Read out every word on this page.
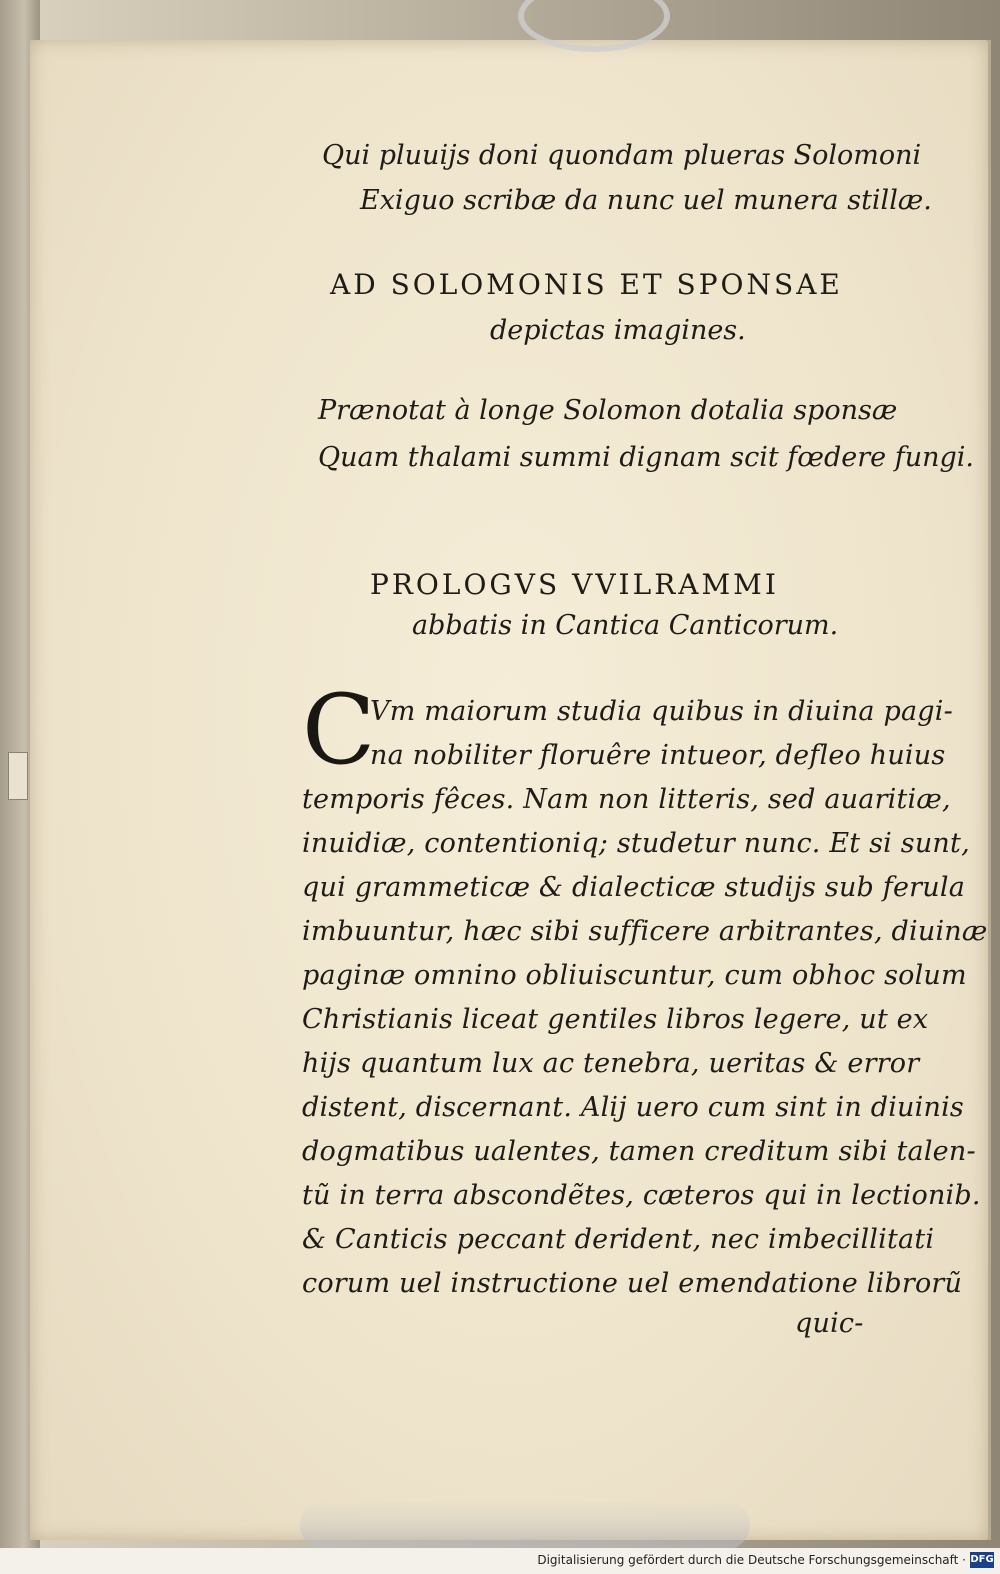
Qui pluuijs doni quondam plueras Solomoni
Exiguo scribæ da nunc uel munera stillæ.
AD SOLOMONIS ET SPONSAE
depictas imagines.
Prænotat à longe Solomon dotalia sponsæ
Quam thalami summi dignam scit fœdere fungi.
PROLOGVS VVILRAMMI
abbatis in Cantica Canticorum.
C
Vm maiorum studia quibus in diuina pagi-
na nobiliter floruêre intueor, defleo huius
temporis fêces. Nam non litteris, sed auaritiæ,
inuidiæ, contentioniq; studetur nunc. Et si sunt,
qui grammeticæ & dialecticæ studijs sub ferula
imbuuntur, hæc sibi sufficere arbitrantes, diuinæ
paginæ omnino obliuiscuntur, cum obhoc solum
Christianis liceat gentiles libros legere, ut ex
hijs quantum lux ac tenebra, ueritas & error
distent, discernant. Alij uero cum sint in diuinis
dogmatibus ualentes, tamen creditum sibi talen-
tũ in terra abscondẽtes, cæteros qui in lectionib.
& Canticis peccant derident, nec imbecillitati
corum uel instructione uel emendatione librorũ
quic-
Digitalisierung gefördert durch die Deutsche Forschungsgemeinschaft · DFG
